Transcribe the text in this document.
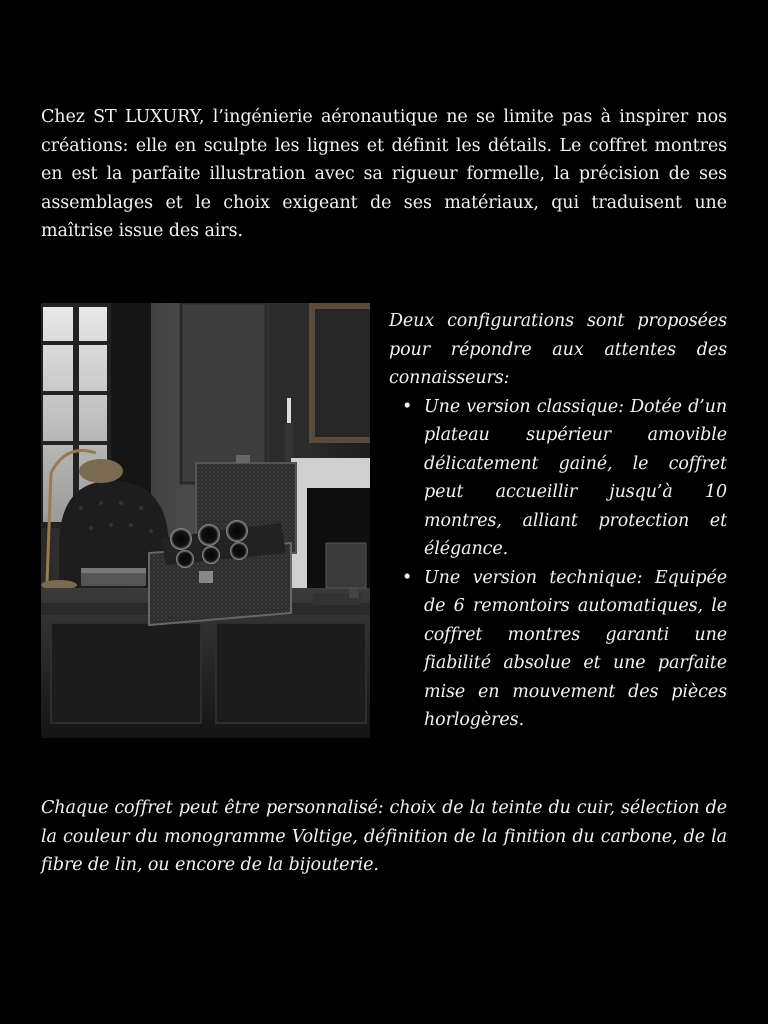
Chez ST LUXURY, l’ingénierie aéronautique ne se limite pas à inspirer nos créations: elle en sculpte les lignes et définit les détails. Le coffret montres en est la parfaite illustration avec sa rigueur formelle, la précision de ses assemblages et le choix exigeant de ses matériaux, qui traduisent une maîtrise issue des airs.

Deux configurations sont proposées pour répondre aux attentes des connaisseurs:

• Une version classique: Dotée d’un plateau supérieur amovible délicatement gainé, le coffret peut accueillir jusqu’à 10 montres, alliant protection et élégance.
• Une version technique: Equipée de 6 remontoirs automatiques, le coffret montres garanti une fiabilité absolue et une parfaite mise en mouvement des pièces horlogères.

Chaque coffret peut être personnalisé: choix de la teinte du cuir, sélection de la couleur du monogramme Voltige, définition de la finition du carbone, de la fibre de lin, ou encore de la bijouterie.
